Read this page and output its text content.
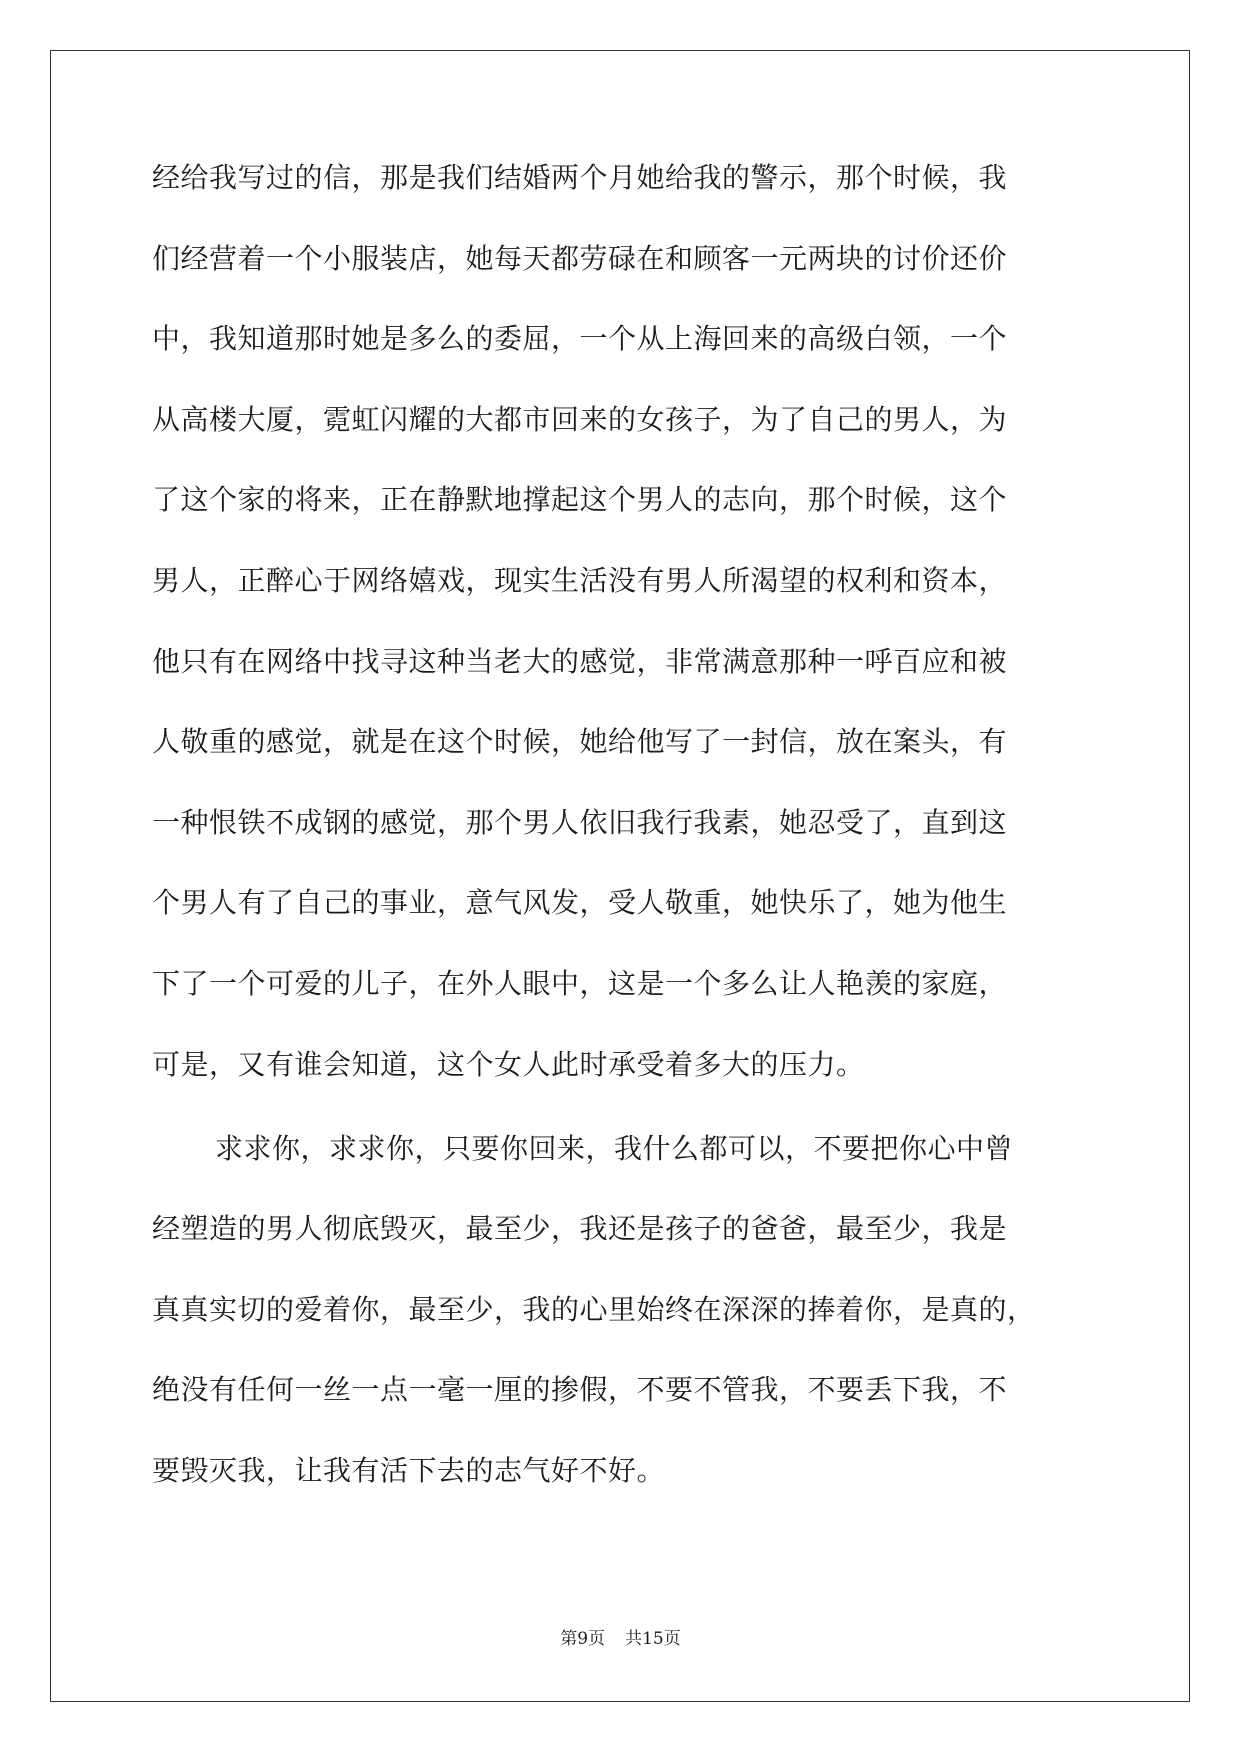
经给我写过的信，那是我们结婚两个月她给我的警示，那个时候，我
们经营着一个小服装店，她每天都劳碌在和顾客一元两块的讨价还价
中，我知道那时她是多么的委屈，一个从上海回来的高级白领，一个
从高楼大厦，霓虹闪耀的大都市回来的女孩子，为了自己的男人，为
了这个家的将来，正在静默地撑起这个男人的志向，那个时候，这个
男人，正醉心于网络嬉戏，现实生活没有男人所渴望的权利和资本，
他只有在网络中找寻这种当老大的感觉，非常满意那种一呼百应和被
人敬重的感觉，就是在这个时候，她给他写了一封信，放在案头，有
一种恨铁不成钢的感觉，那个男人依旧我行我素，她忍受了，直到这
个男人有了自己的事业，意气风发，受人敬重，她快乐了，她为他生
下了一个可爱的儿子，在外人眼中，这是一个多么让人艳羡的家庭，
可是，又有谁会知道，这个女人此时承受着多大的压力。
求求你，求求你，只要你回来，我什么都可以，不要把你心中曾
经塑造的男人彻底毁灭，最至少，我还是孩子的爸爸，最至少，我是
真真实切的爱着你，最至少，我的心里始终在深深的捧着你，是真的，
绝没有任何一丝一点一毫一厘的掺假，不要不管我，不要丢下我，不
要毁灭我，让我有活下去的志气好不好。
第9页 共15页
